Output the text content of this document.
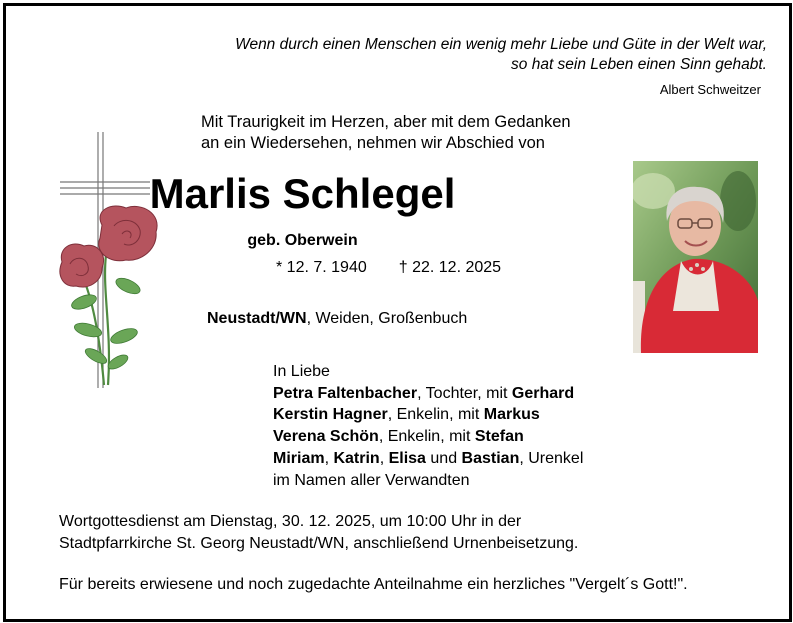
Wenn durch einen Menschen ein wenig mehr Liebe und Güte in der Welt war,
so hat sein Leben einen Sinn gehabt.
Albert Schweitzer
Mit Traurigkeit im Herzen, aber mit dem Gedanken
an ein Wiedersehen, nehmen wir Abschied von
Marlis Schlegel
geb. Oberwein
* 12. 7. 1940 † 22. 12. 2025
Neustadt/WN, Weiden, Großenbuch
In Liebe
Petra Faltenbacher, Tochter, mit Gerhard
Kerstin Hagner, Enkelin, mit Markus
Verena Schön, Enkelin, mit Stefan
Miriam, Katrin, Elisa und Bastian, Urenkel
im Namen aller Verwandten
Wortgottesdienst am Dienstag, 30. 12. 2025, um 10:00 Uhr in der
Stadtpfarrkirche St. Georg Neustadt/WN, anschließend Urnenbeisetzung.
Für bereits erwiesene und noch zugedachte Anteilnahme ein herzliches "Vergelt´s Gott!".
